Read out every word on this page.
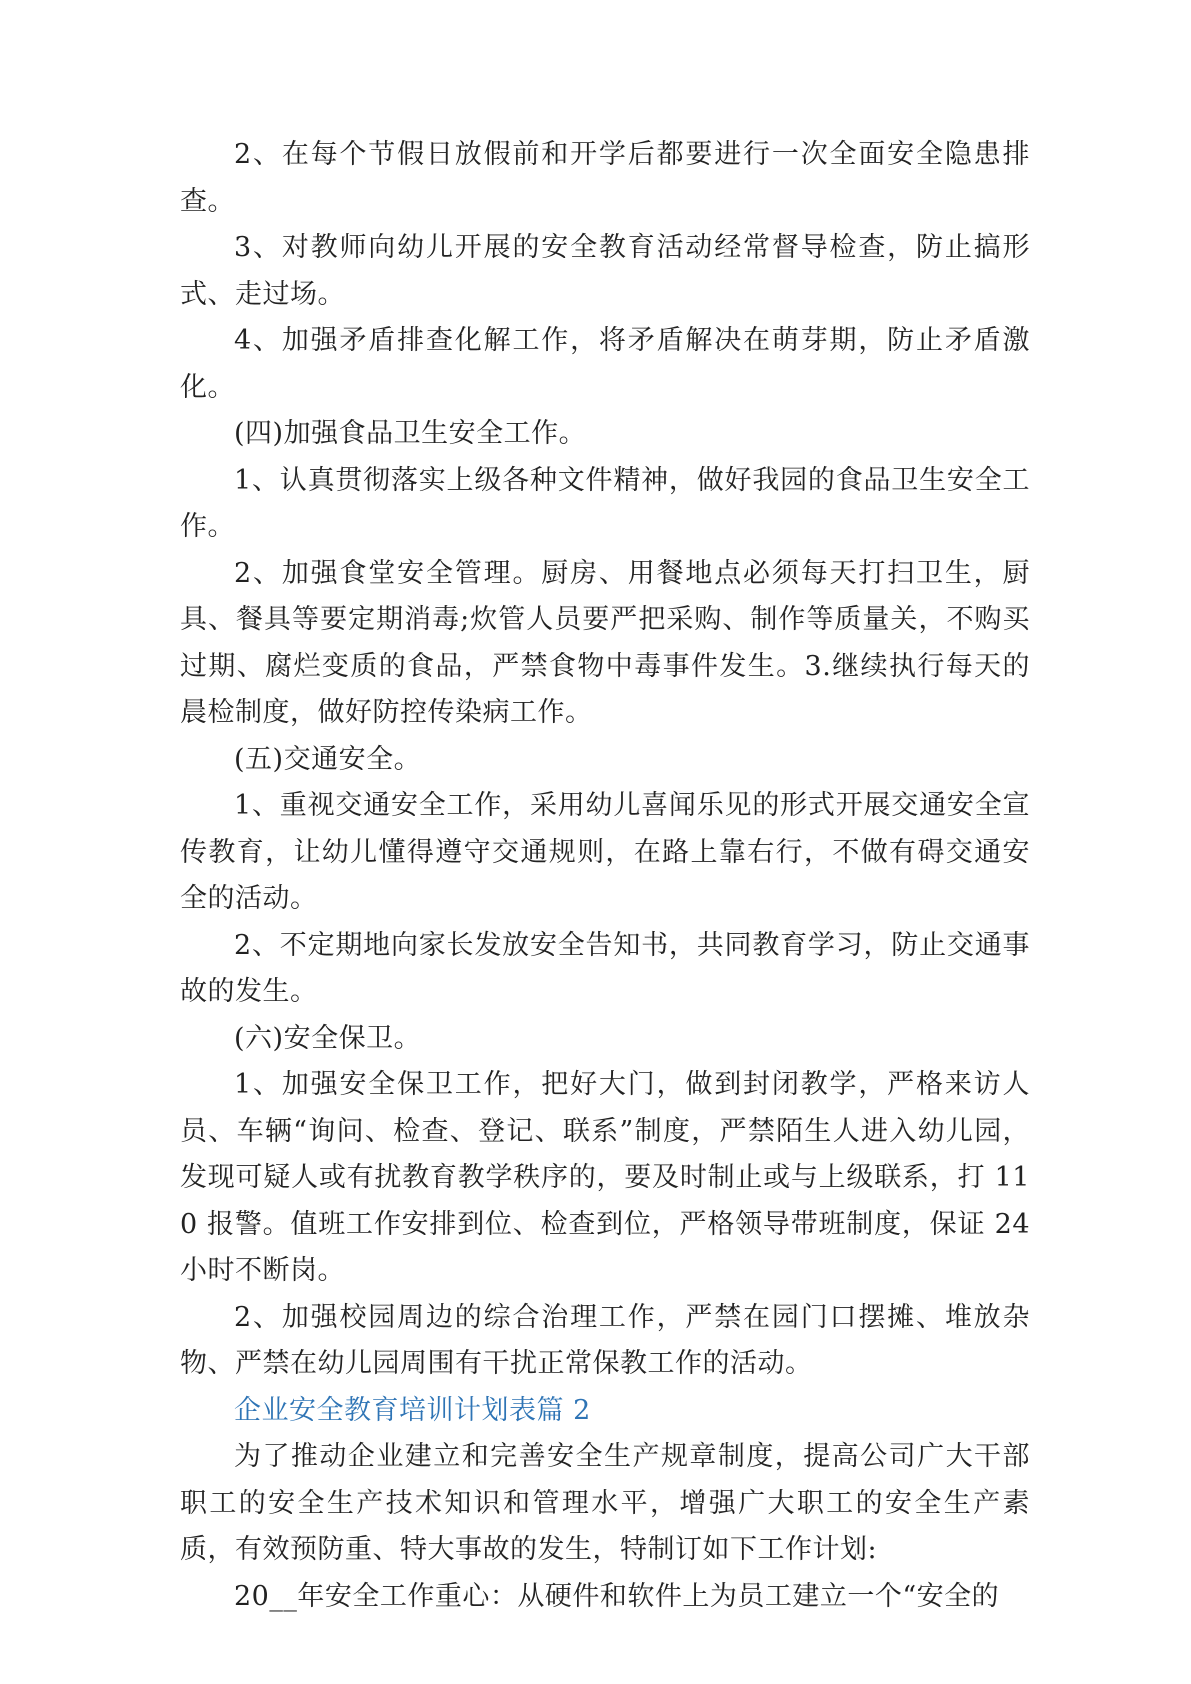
2、在每个节假日放假前和开学后都要进行一次全面安全隐患排查。

3、对教师向幼儿开展的安全教育活动经常督导检查，防止搞形式、走过场。

4、加强矛盾排查化解工作，将矛盾解决在萌芽期，防止矛盾激化。

(四)加强食品卫生安全工作。

1、认真贯彻落实上级各种文件精神，做好我园的食品卫生安全工作。

2、加强食堂安全管理。厨房、用餐地点必须每天打扫卫生，厨具、餐具等要定期消毒;炊管人员要严把采购、制作等质量关，不购买过期、腐烂变质的食品，严禁食物中毒事件发生。3.继续执行每天的晨检制度，做好防控传染病工作。

(五)交通安全。

1、重视交通安全工作，采用幼儿喜闻乐见的形式开展交通安全宣传教育，让幼儿懂得遵守交通规则，在路上靠右行，不做有碍交通安全的活动。

2、不定期地向家长发放安全告知书，共同教育学习，防止交通事故的发生。

(六)安全保卫。

1、加强安全保卫工作，把好大门，做到封闭教学，严格来访人员、车辆“询问、检查、登记、联系”制度，严禁陌生人进入幼儿园，发现可疑人或有扰教育教学秩序的，要及时制止或与上级联系，打 110 报警。值班工作安排到位、检查到位，严格领导带班制度，保证 24 小时不断岗。

2、加强校园周边的综合治理工作，严禁在园门口摆摊、堆放杂物、严禁在幼儿园周围有干扰正常保教工作的活动。

企业安全教育培训计划表篇 2

为了推动企业建立和完善安全生产规章制度，提高公司广大干部职工的安全生产技术知识和管理水平，增强广大职工的安全生产素质，有效预防重、特大事故的发生，特制订如下工作计划:

20__年安全工作重心：从硬件和软件上为员工建立一个“安全的
